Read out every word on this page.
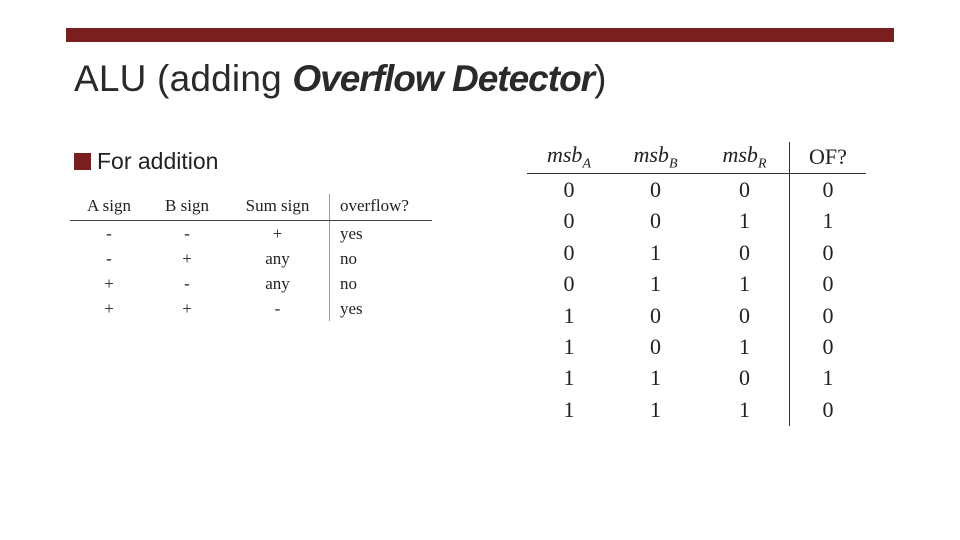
ALU (adding Overflow Detector)
For addition
A sign	B sign	Sum sign	overflow?
-	-	+	yes
-	+	any	no
+	-	any	no
+	+	-	yes
msb$_A$	msb$_B$	msb$_R$	OF?
0	0	0	0
0	0	1	1
0	1	0	0
0	1	1	0
1	0	0	0
1	0	1	0
1	1	0	1
1	1	1	0
